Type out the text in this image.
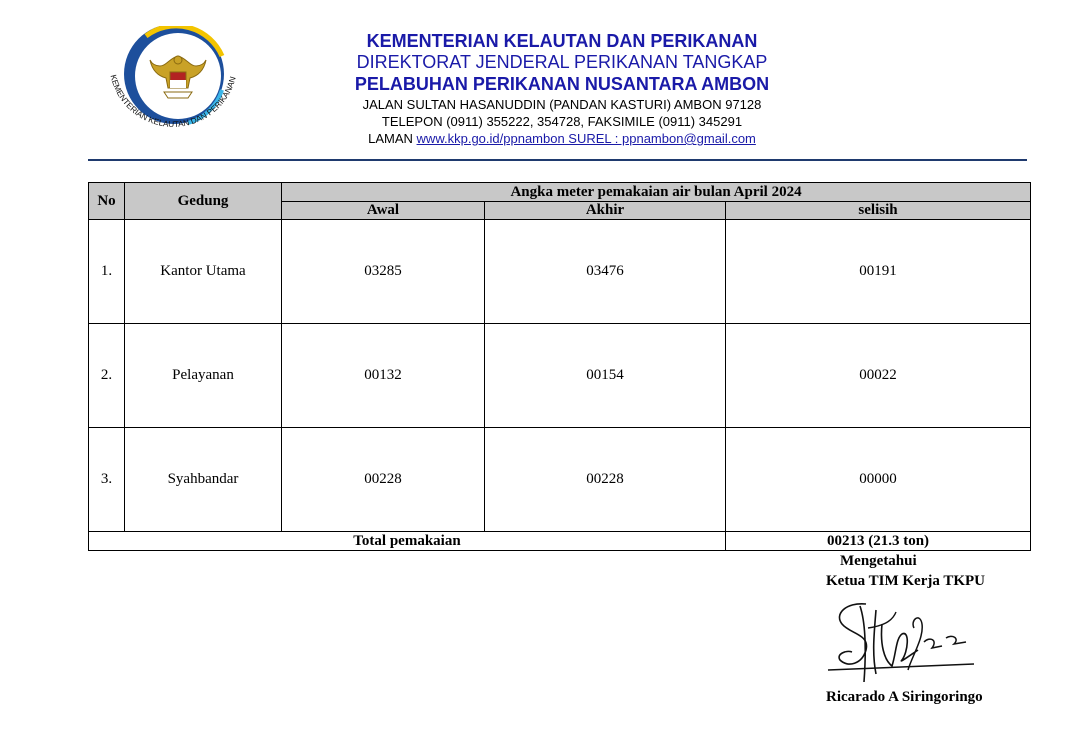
KEMENTERIAN KELAUTAN DAN PERIKANAN
KEMENTERIAN KELAUTAN DAN PERIKANAN
DIREKTORAT JENDERAL PERIKANAN TANGKAP
PELABUHAN PERIKANAN NUSANTARA AMBON
JALAN SULTAN HASANUDDIN (PANDAN KASTURI) AMBON 97128
TELEPON (0911) 355222, 354728, FAKSIMILE (0911) 345291
LAMAN www.kkp.go.id/ppnambon SUREL : ppnambon@gmail.com
No	Gedung	Angka meter pemakaian air bulan April 2024		
		Awal	Akhir	selisih
1.	Kantor Utama	03285	03476	00191
2.	Pelayanan	00132	00154	00022
3.	Syahbandar	00228	00228	00000
Total pemakaian				00213 (21.3 ton)
Mengetahui
Ketua TIM Kerja TKPU
Ricarado A Siringoringo
